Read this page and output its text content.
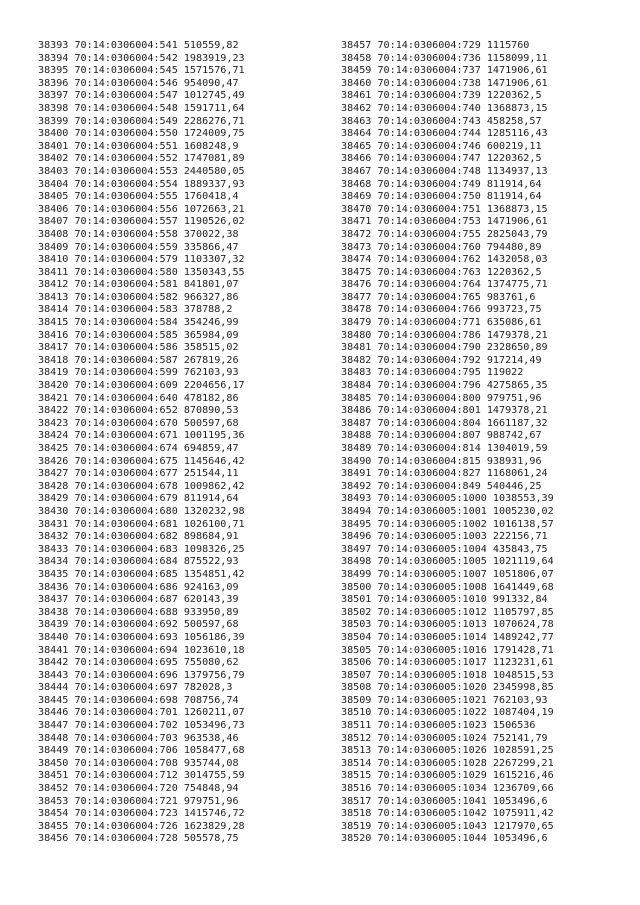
38393 70:14:0306004:541 510559,82
38394 70:14:0306004:542 1983919,23
38395 70:14:0306004:545 1571576,71
38396 70:14:0306004:546 954090,47
38397 70:14:0306004:547 1012745,49
38398 70:14:0306004:548 1591711,64
38399 70:14:0306004:549 2286276,71
38400 70:14:0306004:550 1724009,75
38401 70:14:0306004:551 1608248,9
38402 70:14:0306004:552 1747081,89
38403 70:14:0306004:553 2440580,05
38404 70:14:0306004:554 1889337,93
38405 70:14:0306004:555 1760418,4
38406 70:14:0306004:556 1072663,21
38407 70:14:0306004:557 1190526,02
38408 70:14:0306004:558 370022,38
38409 70:14:0306004:559 335866,47
38410 70:14:0306004:579 1103307,32
38411 70:14:0306004:580 1350343,55
38412 70:14:0306004:581 841801,07
38413 70:14:0306004:582 966327,86
38414 70:14:0306004:583 378788,2
38415 70:14:0306004:584 354246,99
38416 70:14:0306004:585 365984,09
38417 70:14:0306004:586 358515,02
38418 70:14:0306004:587 267819,26
38419 70:14:0306004:599 762103,93
38420 70:14:0306004:609 2204656,17
38421 70:14:0306004:640 478182,86
38422 70:14:0306004:652 870890,53
38423 70:14:0306004:670 500597,68
38424 70:14:0306004:671 1001195,36
38425 70:14:0306004:674 694859,47
38426 70:14:0306004:675 1145646,42
38427 70:14:0306004:677 251544,11
38428 70:14:0306004:678 1009862,42
38429 70:14:0306004:679 811914,64
38430 70:14:0306004:680 1320232,98
38431 70:14:0306004:681 1026100,71
38432 70:14:0306004:682 898684,91
38433 70:14:0306004:683 1098326,25
38434 70:14:0306004:684 875522,93
38435 70:14:0306004:685 1354851,42
38436 70:14:0306004:686 924163,09
38437 70:14:0306004:687 620143,39
38438 70:14:0306004:688 933950,89
38439 70:14:0306004:692 500597,68
38440 70:14:0306004:693 1056186,39
38441 70:14:0306004:694 1023610,18
38442 70:14:0306004:695 755080,62
38443 70:14:0306004:696 1379756,79
38444 70:14:0306004:697 782028,3
38445 70:14:0306004:698 708756,74
38446 70:14:0306004:701 1260211,07
38447 70:14:0306004:702 1053496,73
38448 70:14:0306004:703 963538,46
38449 70:14:0306004:706 1058477,68
38450 70:14:0306004:708 935744,08
38451 70:14:0306004:712 3014755,59
38452 70:14:0306004:720 754848,94
38453 70:14:0306004:721 979751,96
38454 70:14:0306004:723 1415746,72
38455 70:14:0306004:726 1623829,28
38456 70:14:0306004:728 505578,75
38457 70:14:0306004:729 1115760
38458 70:14:0306004:736 1158099,11
38459 70:14:0306004:737 1471906,61
38460 70:14:0306004:738 1471906,61
38461 70:14:0306004:739 1220362,5
38462 70:14:0306004:740 1368873,15
38463 70:14:0306004:743 458258,57
38464 70:14:0306004:744 1285116,43
38465 70:14:0306004:746 600219,11
38466 70:14:0306004:747 1220362,5
38467 70:14:0306004:748 1134937,13
38468 70:14:0306004:749 811914,64
38469 70:14:0306004:750 811914,64
38470 70:14:0306004:751 1368873,15
38471 70:14:0306004:753 1471906,61
38472 70:14:0306004:755 2825043,79
38473 70:14:0306004:760 794480,89
38474 70:14:0306004:762 1432058,03
38475 70:14:0306004:763 1220362,5
38476 70:14:0306004:764 1374775,71
38477 70:14:0306004:765 983761,6
38478 70:14:0306004:766 993723,75
38479 70:14:0306004:771 635086,61
38480 70:14:0306004:786 1479378,21
38481 70:14:0306004:790 2328650,89
38482 70:14:0306004:792 917214,49
38483 70:14:0306004:795 119022
38484 70:14:0306004:796 4275865,35
38485 70:14:0306004:800 979751,96
38486 70:14:0306004:801 1479378,21
38487 70:14:0306004:804 1661187,32
38488 70:14:0306004:807 988742,67
38489 70:14:0306004:814 1304019,59
38490 70:14:0306004:815 938931,96
38491 70:14:0306004:827 1168061,24
38492 70:14:0306004:849 540446,25
38493 70:14:0306005:1000 1038553,39
38494 70:14:0306005:1001 1005230,02
38495 70:14:0306005:1002 1016138,57
38496 70:14:0306005:1003 222156,71
38497 70:14:0306005:1004 435843,75
38498 70:14:0306005:1005 1021119,64
38499 70:14:0306005:1007 1051806,07
38500 70:14:0306005:1008 1641449,68
38501 70:14:0306005:1010 991332,84
38502 70:14:0306005:1012 1105797,85
38503 70:14:0306005:1013 1070624,78
38504 70:14:0306005:1014 1489242,77
38505 70:14:0306005:1016 1791428,71
38506 70:14:0306005:1017 1123231,61
38507 70:14:0306005:1018 1048515,53
38508 70:14:0306005:1020 2345998,85
38509 70:14:0306005:1021 762103,93
38510 70:14:0306005:1022 1087404,19
38511 70:14:0306005:1023 1506536
38512 70:14:0306005:1024 752141,79
38513 70:14:0306005:1026 1028591,25
38514 70:14:0306005:1028 2267299,21
38515 70:14:0306005:1029 1615216,46
38516 70:14:0306005:1034 1236709,66
38517 70:14:0306005:1041 1053496,6
38518 70:14:0306005:1042 1075911,42
38519 70:14:0306005:1043 1217970,65
38520 70:14:0306005:1044 1053496,6
